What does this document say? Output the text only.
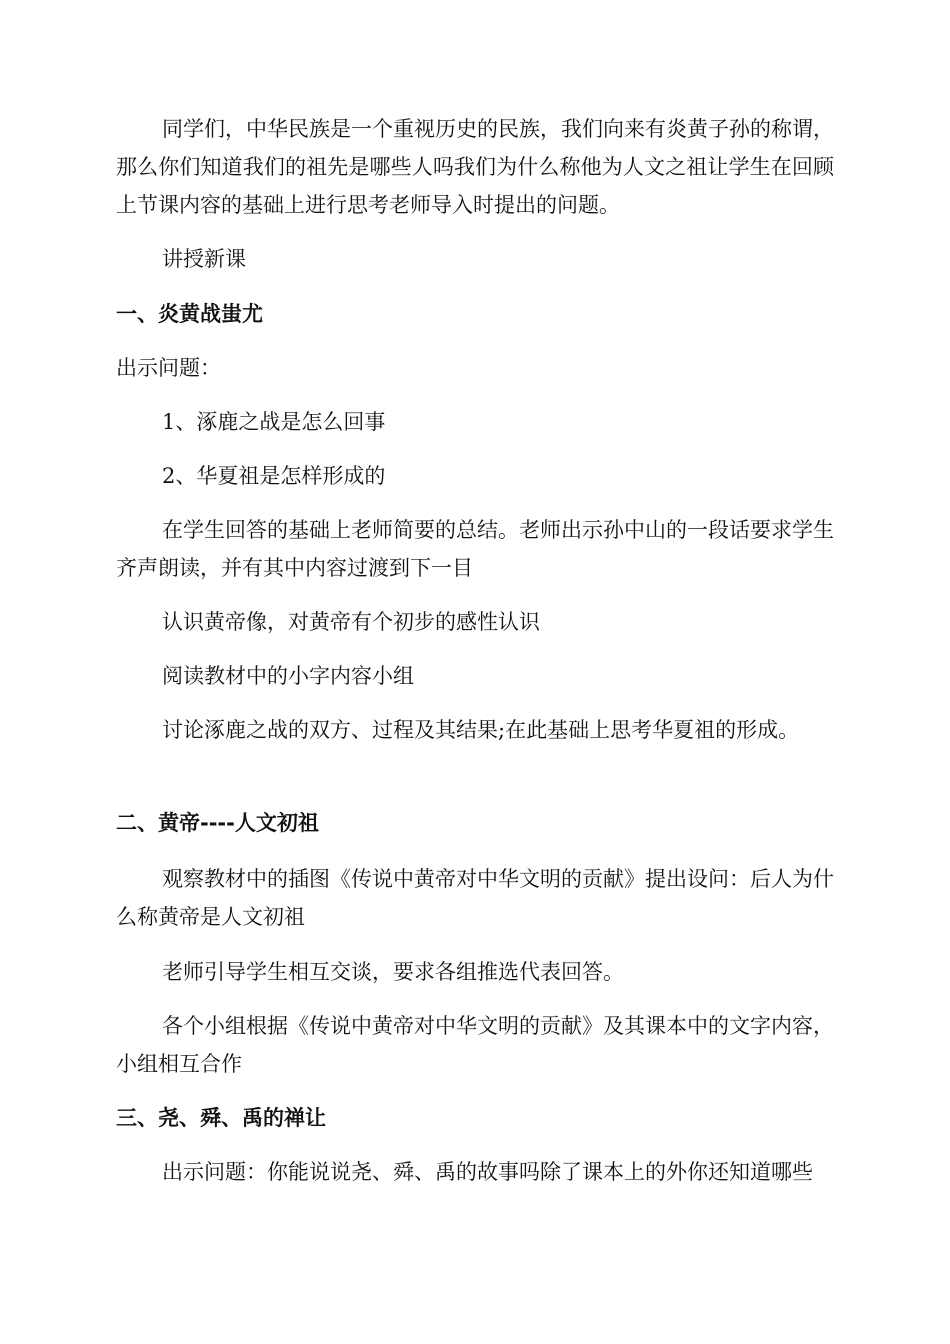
同学们，中华民族是一个重视历史的民族，我们向来有炎黄子孙的称谓，那么你们知道我们的祖先是哪些人吗我们为什么称他为人文之祖让学生在回顾上节课内容的基础上进行思考老师导入时提出的问题。

讲授新课

一、炎黄战蚩尤

出示问题：

1、涿鹿之战是怎么回事

2、华夏祖是怎样形成的

在学生回答的基础上老师简要的总结。老师出示孙中山的一段话要求学生齐声朗读，并有其中内容过渡到下一目

认识黄帝像，对黄帝有个初步的感性认识

阅读教材中的小字内容小组

讨论涿鹿之战的双方、过程及其结果;在此基础上思考华夏祖的形成。

二、黄帝----人文初祖

观察教材中的插图《传说中黄帝对中华文明的贡献》提出设问：后人为什么称黄帝是人文初祖

老师引导学生相互交谈，要求各组推选代表回答。

各个小组根据《传说中黄帝对中华文明的贡献》及其课本中的文字内容，小组相互合作

三、尧、舜、禹的禅让

出示问题：你能说说尧、舜、禹的故事吗除了课本上的外你还知道哪些
